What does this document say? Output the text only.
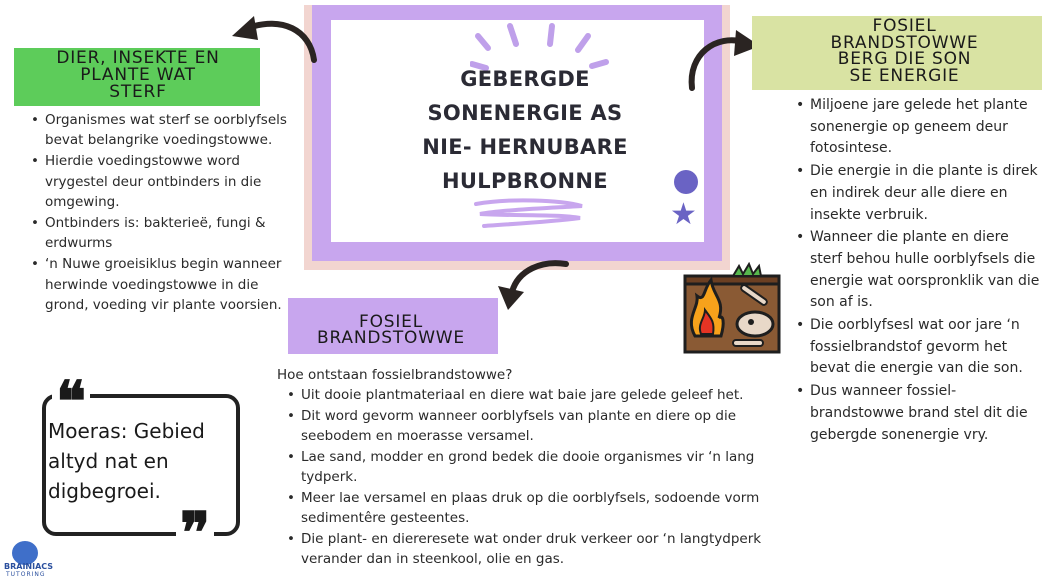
GEBERGDE
SONENERGIE AS
NIE- HERNUBARE
HULPBRONNE
★
DIER, INSEKTE EN
PLANTE WAT
STERF
• Organismes wat sterf se oorblyfsels bevat belangrike voedingstowwe.
• Hierdie voedingstowwe word vrygestel deur ontbinders in die omgewing.
• Ontbinders is: bakterieë, fungi & erdwurms
• ‘n Nuwe groeisiklus begin wanneer herwinde voedingstowwe in die grond, voeding vir plante voorsien.
FOSIEL
BRANDSTOWWE
BERG DIE SON
SE ENERGIE
• Miljoene jare gelede het plante sonenergie op geneem deur fotosintese.
• Die energie in die plante is direk en indirek deur alle diere en insekte verbruik.
• Wanneer die plante en diere sterf behou hulle oorblyfsels die energie wat oorspronklik van die son af is.
• Die oorblyfsesl wat oor jare ‘n fossielbrandstof gevorm het bevat die energie van die son.
• Dus wanneer fossiel-brandstowwe brand stel dit die gebergde sonenergie vry.
FOSIEL
BRANDSTOWWE
Hoe ontstaan fossielbrandstowwe?
• Uit dooie plantmateriaal en diere wat baie jare gelede geleef het.
• Dit word gevorm wanneer oorblyfsels van plante en diere op die seebodem en moerasse versamel.
• Lae sand, modder en grond bedek die dooie organismes vir ‘n lang tydperk.
• Meer lae versamel en plaas druk op die oorblyfsels, sodoende vorm sedimentêre gesteentes.
• Die plant- en diereresete wat onder druk verkeer oor ‘n langtydperk verander dan in steenkool, olie en gas.
❝
❞
Moeras: Gebied altyd nat en digbegroei.
BRAINIACS
TUTORING
